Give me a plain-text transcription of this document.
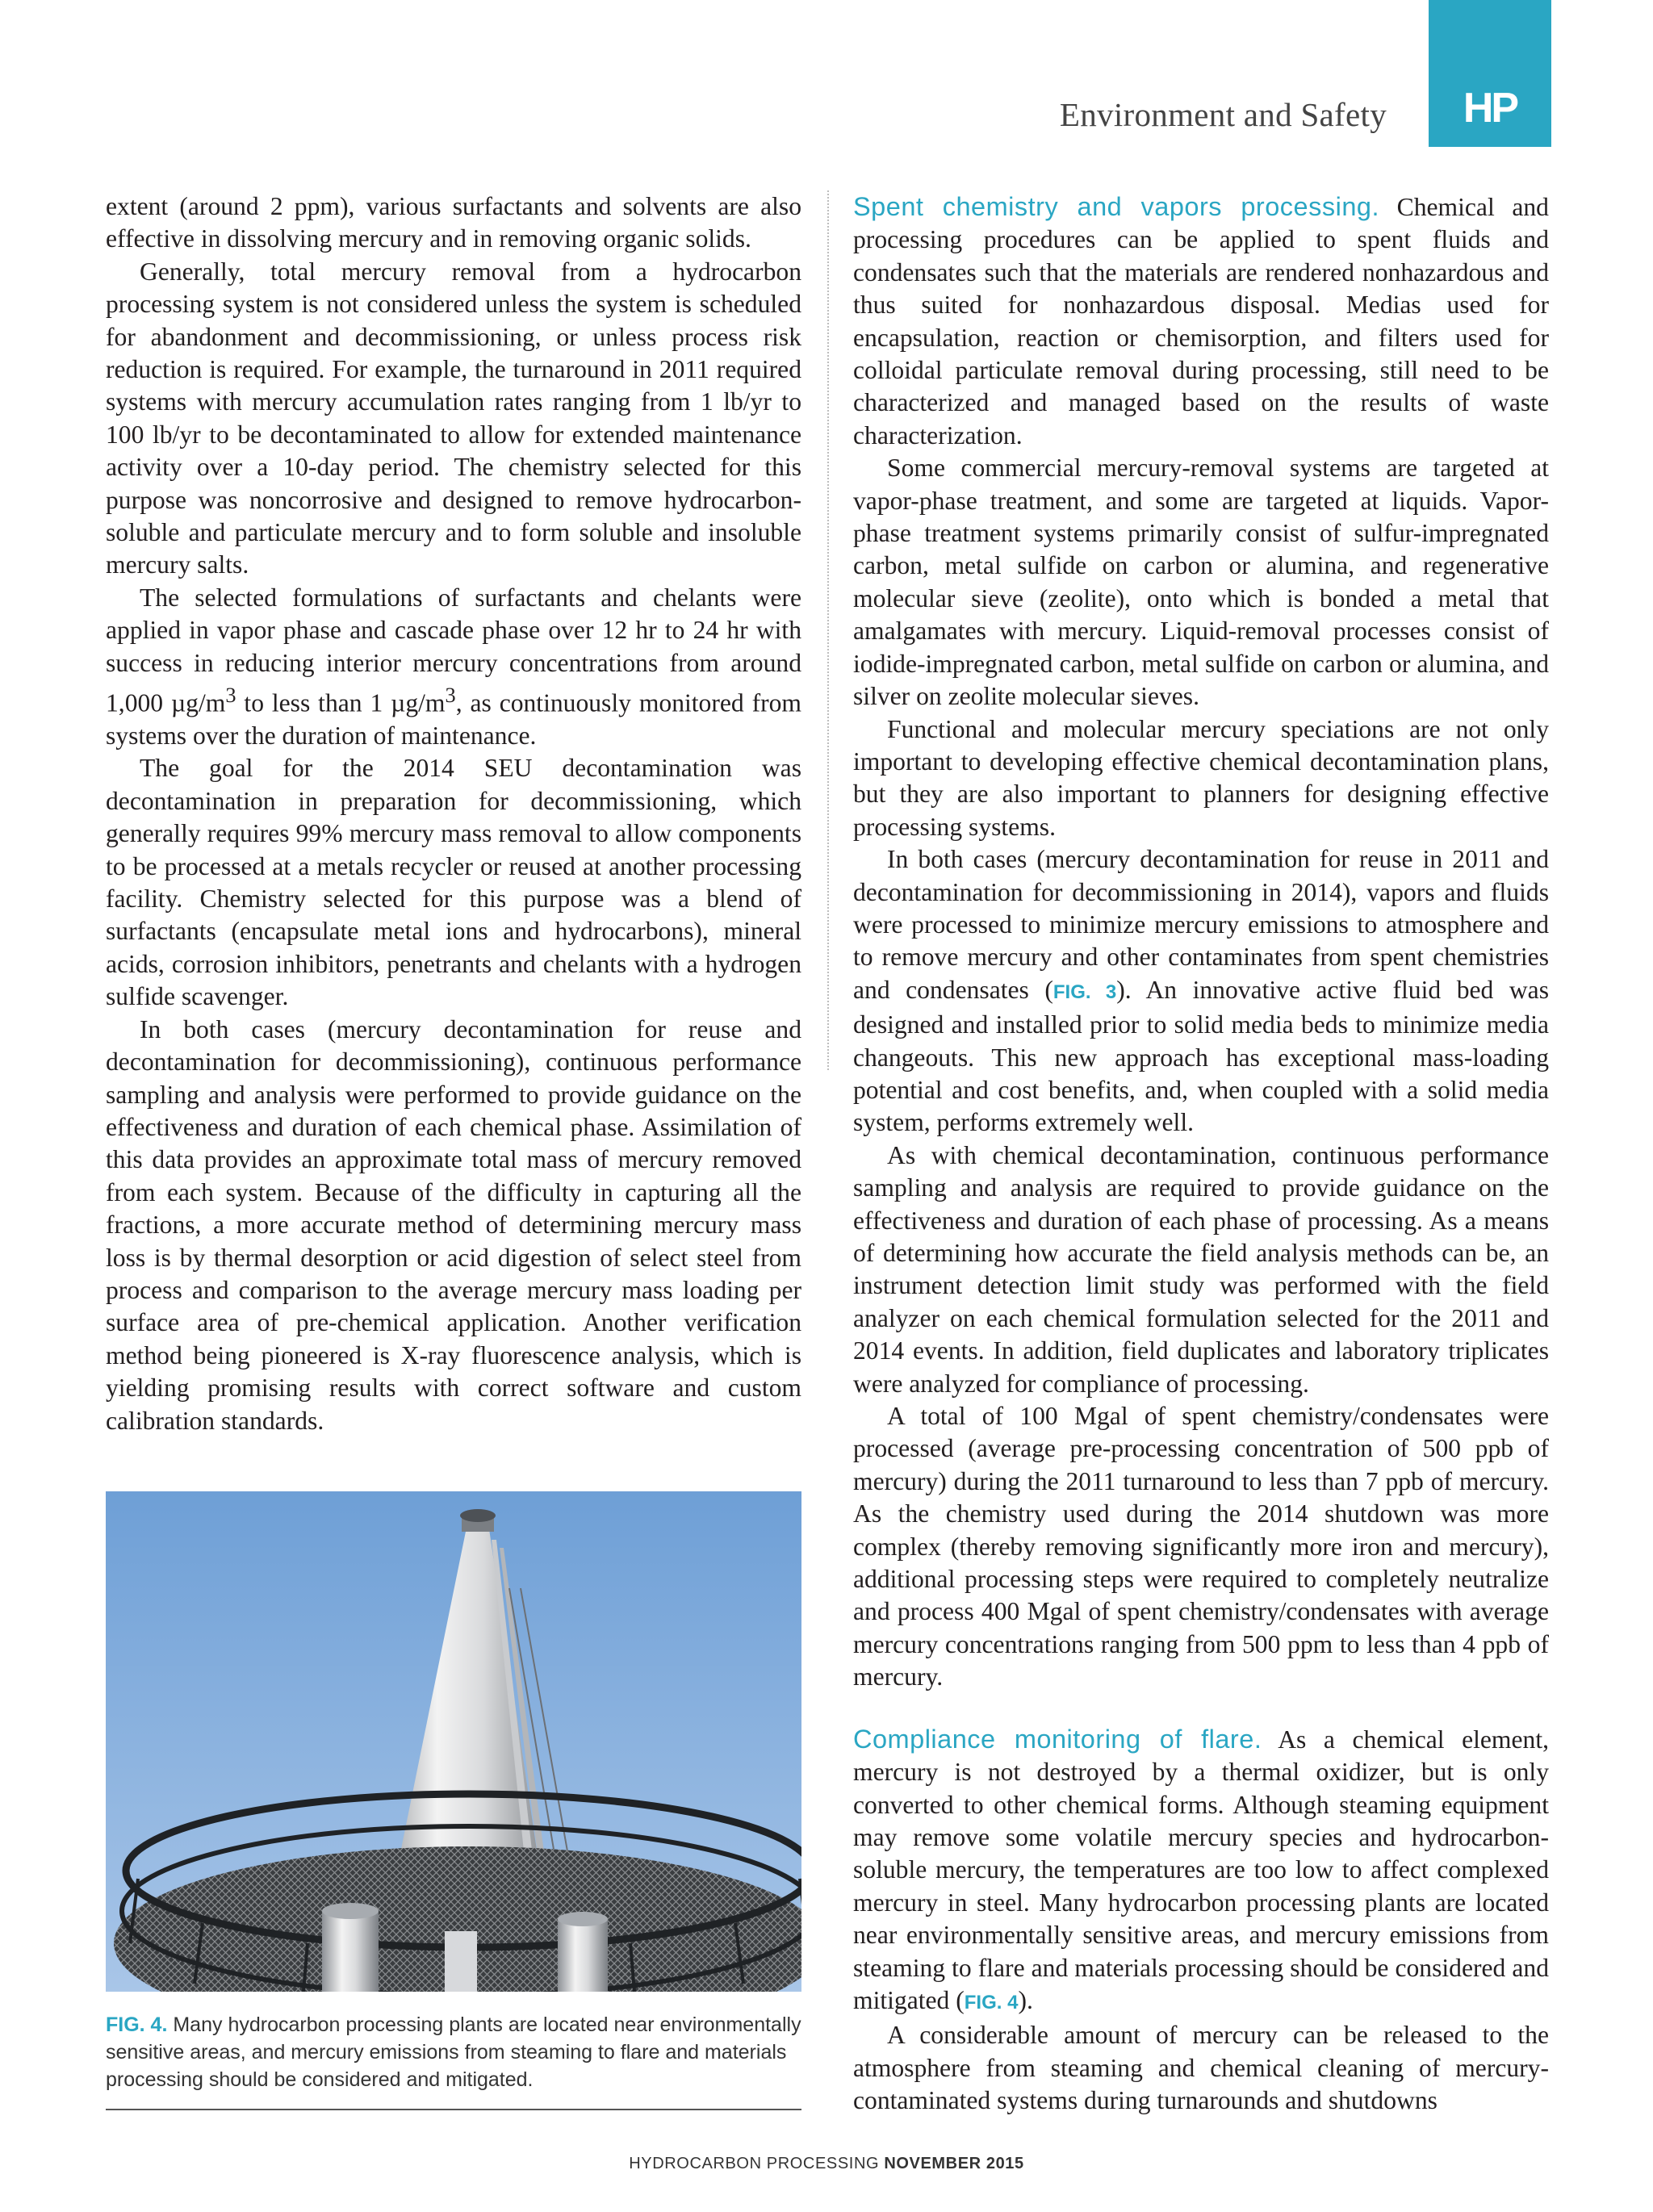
Environment and Safety	HP

extent (around 2 ppm), various surfactants and solvents are also effective in dissolving mercury and in removing organic solids.

Generally, total mercury removal from a hydrocarbon processing system is not considered unless the system is scheduled for abandonment and decommissioning, or unless process risk reduction is required. For example, the turnaround in 2011 required systems with mercury accumulation rates ranging from 1 lb/yr to 100 lb/yr to be decontaminated to allow for extended maintenance activity over a 10-day period. The chemistry selected for this purpose was noncorrosive and designed to remove hydrocarbon-soluble and particulate mercury and to form soluble and insoluble mercury salts.

The selected formulations of surfactants and chelants were applied in vapor phase and cascade phase over 12 hr to 24 hr with success in reducing interior mercury concentrations from around 1,000 $\mu g/m^3$ to less than 1 $\mu g/m^3$, as continuously monitored from systems over the duration of maintenance.

The goal for the 2014 SEU decontamination was decontamination in preparation for decommissioning, which generally requires 99% mercury mass removal to allow components to be processed at a metals recycler or reused at another processing facility. Chemistry selected for this purpose was a blend of surfactants (encapsulate metal ions and hydrocarbons), mineral acids, corrosion inhibitors, penetrants and chelants with a hydrogen sulfide scavenger.

In both cases (mercury decontamination for reuse and decontamination for decommissioning), continuous performance sampling and analysis were performed to provide guidance on the effectiveness and duration of each chemical phase. Assimilation of this data provides an approximate total mass of mercury removed from each system. Because of the difficulty in capturing all the fractions, a more accurate method of determining mercury mass loss is by thermal desorption or acid digestion of select steel from process and comparison to the average mercury mass loading per surface area of pre-chemical application. Another verification method being pioneered is X-ray fluorescence analysis, which is yielding promising results with correct software and custom calibration standards.

FIG. 4. Many hydrocarbon processing plants are located near environmentally sensitive areas, and mercury emissions from steaming to flare and materials processing should be considered and mitigated.

Spent chemistry and vapors processing. Chemical and processing procedures can be applied to spent fluids and condensates such that the materials are rendered nonhazardous and thus suited for nonhazardous disposal. Medias used for encapsulation, reaction or chemisorption, and filters used for colloidal particulate removal during processing, still need to be characterized and managed based on the results of waste characterization.

Some commercial mercury-removal systems are targeted at vapor-phase treatment, and some are targeted at liquids. Vapor-phase treatment systems primarily consist of sulfur-impregnated carbon, metal sulfide on carbon or alumina, and regenerative molecular sieve (zeolite), onto which is bonded a metal that amalgamates with mercury. Liquid-removal processes consist of iodide-impregnated carbon, metal sulfide on carbon or alumina, and silver on zeolite molecular sieves.

Functional and molecular mercury speciations are not only important to developing effective chemical decontamination plans, but they are also important to planners for designing effective processing systems.

In both cases (mercury decontamination for reuse in 2011 and decontamination for decommissioning in 2014), vapors and fluids were processed to minimize mercury emissions to atmosphere and to remove mercury and other contaminates from spent chemistries and condensates (FIG. 3). An innovative active fluid bed was designed and installed prior to solid media beds to minimize media changeouts. This new approach has exceptional mass-loading potential and cost benefits, and, when coupled with a solid media system, performs extremely well.

As with chemical decontamination, continuous performance sampling and analysis are required to provide guidance on the effectiveness and duration of each phase of processing. As a means of determining how accurate the field analysis methods can be, an instrument detection limit study was performed with the field analyzer on each chemical formulation selected for the 2011 and 2014 events. In addition, field duplicates and laboratory triplicates were analyzed for compliance of processing.

A total of 100 Mgal of spent chemistry/condensates were processed (average pre-processing concentration of 500 ppb of mercury) during the 2011 turnaround to less than 7 ppb of mercury. As the chemistry used during the 2014 shutdown was more complex (thereby removing significantly more iron and mercury), additional processing steps were required to completely neutralize and process 400 Mgal of spent chemistry/condensates with average mercury concentrations ranging from 500 ppm to less than 4 ppb of mercury.

Compliance monitoring of flare. As a chemical element, mercury is not destroyed by a thermal oxidizer, but is only converted to other chemical forms. Although steaming equipment may remove some volatile mercury species and hydrocarbon-soluble mercury, the temperatures are too low to affect complexed mercury in steel. Many hydrocarbon processing plants are located near environmentally sensitive areas, and mercury emissions from steaming to flare and materials processing should be considered and mitigated (FIG. 4).

A considerable amount of mercury can be released to the atmosphere from steaming and chemical cleaning of mercury-contaminated systems during turnarounds and shutdowns

HYDROCARBON PROCESSING NOVEMBER 2015
